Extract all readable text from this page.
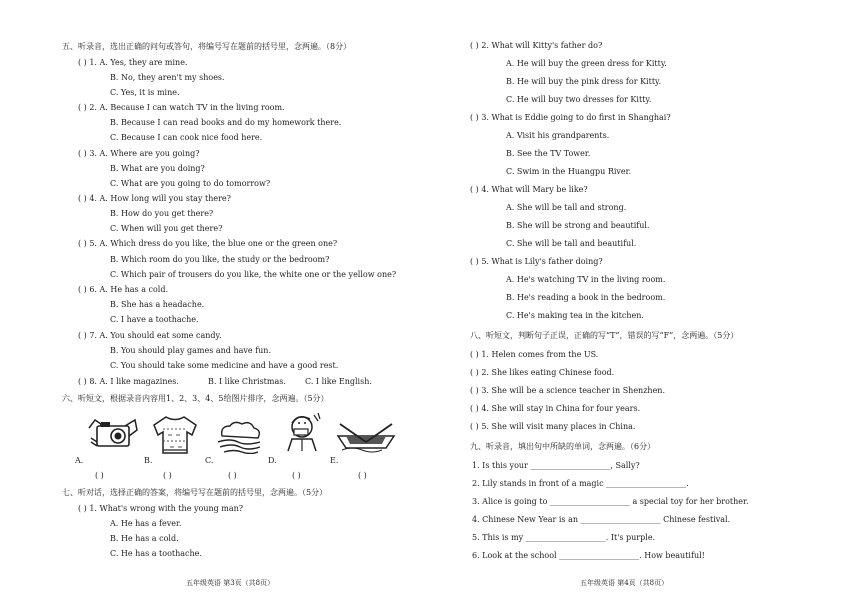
五、听录音，选出正确的问句或答句，将编号写在题前的括号里，念两遍。（8分）
( ) 1. A. Yes, they are mine.
B. No, they aren't my shoes.
C. Yes, it is mine.
( ) 2. A. Because I can watch TV in the living room.
B. Because I can read books and do my homework there.
C. Because I can cook nice food here.
( ) 3. A. Where are you going?
B. What are you doing?
C. What are you going to do tomorrow?
( ) 4. A. How long will you stay there?
B. How do you get there?
C. When will you get there?
( ) 5. A. Which dress do you like, the blue one or the green one?
B. Which room do you like, the study or the bedroom?
C. Which pair of trousers do you like, the white one or the yellow one?
( ) 6. A. He has a cold.
B. She has a headache.
C. I have a toothache.
( ) 7. A. You should eat some candy.
B. You should play games and have fun.
C. You should take some medicine and have a good rest.
( ) 8. A. I like magazines.	B. I like Christmas. C. I like English.
六、听短文，根据录音内容用1、2、3、4、5给图片排序，念两遍。（5分）
A.	B.	C.	D.	E.
( )	( )	( )	( )	( )
七、听对话，选择正确的答案，将编号写在题前的括号里，念两遍。（5分）
( ) 1. What's wrong with the young man?
A. He has a fever.
B. He has a cold.
C. He has a toothache.
五年级英语 第3页（共8页）
( ) 2. What will Kitty's father do?
A. He will buy the green dress for Kitty.
B. He will buy the pink dress for Kitty.
C. He will buy two dresses for Kitty.
( ) 3. What is Eddie going to do first in Shanghai?
A. Visit his grandparents.
B. See the TV Tower.
C. Swim in the Huangpu River.
( ) 4. What will Mary be like?
A. She will be tall and strong.
B. She will be strong and beautiful.
C. She will be tall and beautiful.
( ) 5. What is Lily's father doing?
A. He's watching TV in the living room.
B. He's reading a book in the bedroom.
C. He's making tea in the kitchen.
八、听短文，判断句子正误，正确的写“T”，错误的写“F”，念两遍。（5分）
( ) 1. Helen comes from the US.
( ) 2. She likes eating Chinese food.
( ) 3. She will be a science teacher in Shenzhen.
( ) 4. She will stay in China for four years.
( ) 5. She will visit many places in China.
九、听录音，填出句中所缺的单词，念两遍。（6分）
1. Is this your ____________________, Sally?
2. Lily stands in front of a magic ____________________.
3. Alice is going to ____________________ a special toy for her brother.
4. Chinese New Year is an ____________________ Chinese festival.
5. This is my ____________________. It's purple.
6. Look at the school ____________________. How beautiful!
五年级英语 第4页（共8页）
